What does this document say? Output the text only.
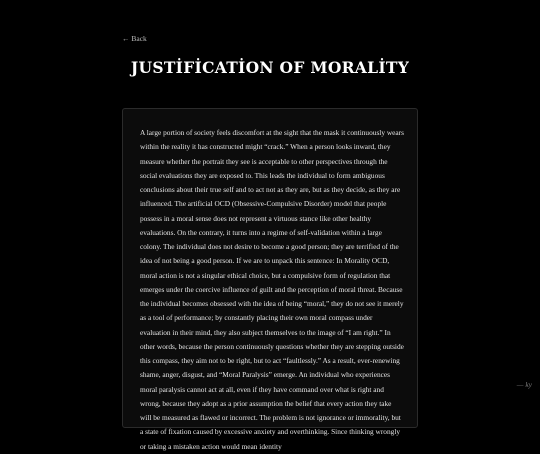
← Back
JUSTİFİCATİON OF MORALİTY

A large portion of society feels discomfort at the sight that the mask it continuously wears within the reality it has constructed might “crack.” When a person looks inward, they measure whether the portrait they see is acceptable to other perspectives through the social evaluations they are exposed to. This leads the individual to form ambiguous conclusions about their true self and to act not as they are, but as they decide, as they are influenced. The artificial OCD (Obsessive-Compulsive Disorder) model that people possess in a moral sense does not represent a virtuous stance like other healthy evaluations. On the contrary, it turns into a regime of self-validation within a large colony. The individual does not desire to become a good person; they are terrified of the idea of not being a good person. If we are to unpack this sentence: In Morality OCD, moral action is not a singular ethical choice, but a compulsive form of regulation that emerges under the coercive influence of guilt and the perception of moral threat. Because the individual becomes obsessed with the idea of being “moral,” they do not see it merely as a tool of performance; by constantly placing their own moral compass under evaluation in their mind, they also subject themselves to the image of “I am right.” In other words, because the person continuously questions whether they are stepping outside this compass, they aim not to be right, but to act “faultlessly.” As a result, ever-renewing shame, anger, disgust, and “Moral Paralysis” emerge. An individual who experiences moral paralysis cannot act at all, even if they have command over what is right and wrong, because they adopt as a prior assumption the belief that every action they take will be measured as flawed or incorrect. The problem is not ignorance or immorality, but a state of fixation caused by excessive anxiety and overthinking. Since thinking wrongly or taking a mistaken action would mean identity

— ky
